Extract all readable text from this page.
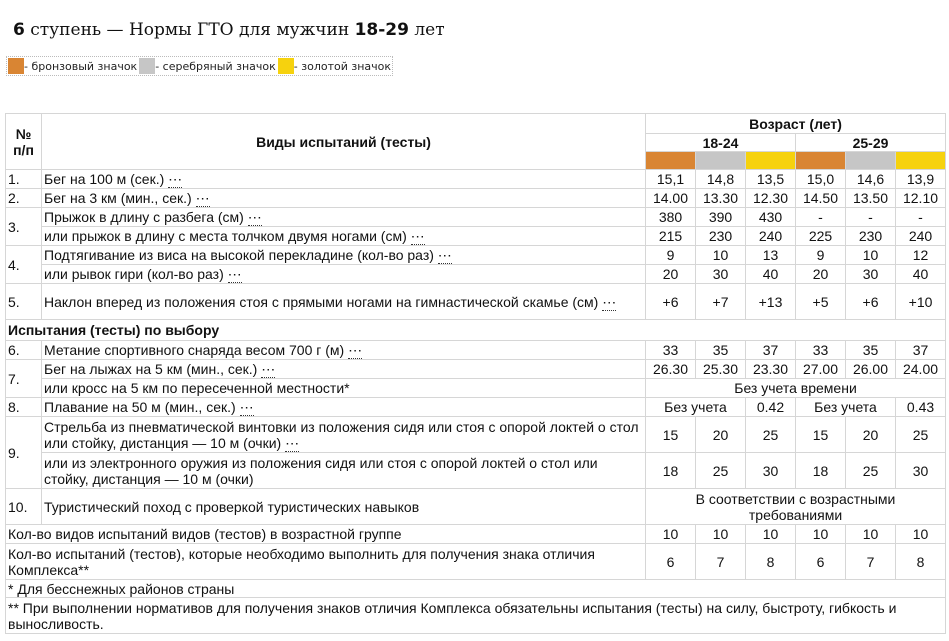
6 ступень — Нормы ГТО для мужчин 18-29 лет
- бронзовый значок - серебряный значок - золотой значок
№ п/п	Виды испытаний (тесты)	Возраст (лет)					
		18-24			25-29		

1.	Бег на 100 м (сек.) ⋯	15,1	14,8	13,5	15,0	14,6	13,9
2.	Бег на 3 км (мин., сек.) ⋯	14.00	13.30	12.30	14.50	13.50	12.10
3.	Прыжок в длину с разбега (см) ⋯	380	390	430	-	-	-
	или прыжок в длину с места толчком двумя ногами (см) ⋯	215	230	240	225	230	240
4.	Подтягивание из виса на высокой перекладине (кол-во раз) ⋯	9	10	13	9	10	12
	или рывок гири (кол-во раз) ⋯	20	30	40	20	30	40
5.	Наклон вперед из положения стоя с прямыми ногами на гимнастической скамье (см) ⋯	+6	+7	+13	+5	+6	+10
Испытания (тесты) по выбору							
6.	Метание спортивного снаряда весом 700 г (м) ⋯	33	35	37	33	35	37
7.	Бег на лыжах на 5 км (мин., сек.) ⋯	26.30	25.30	23.30	27.00	26.00	24.00
	или кросс на 5 км по пересеченной местности*	Без учета времени					
8.	Плавание на 50 м (мин., сек.) ⋯	Без учета		0.42	Без учета		0.43
9.	Стрельба из пневматической винтовки из положения сидя или стоя с опорой локтей о стол или стойку, дистанция — 10 м (очки) ⋯	15	20	25	15	20	25
	или из электронного оружия из положения сидя или стоя с опорой локтей о стол или стойку, дистанция — 10 м (очки)	18	25	30	18	25	30
10.	Туристический поход с проверкой туристических навыков	В соответствии с возрастными требованиями					
Кол-во видов испытаний видов (тестов) в возрастной группе		10	10	10	10	10	10
Кол-во испытаний (тестов), которые необходимо выполнить для получения знака отличия Комплекса**		6	7	8	6	7	8
* Для бесснежных районов страны							
** При выполнении нормативов для получения знаков отличия Комплекса обязательны испытания (тесты) на силу, быстроту, гибкость и выносливость.							
